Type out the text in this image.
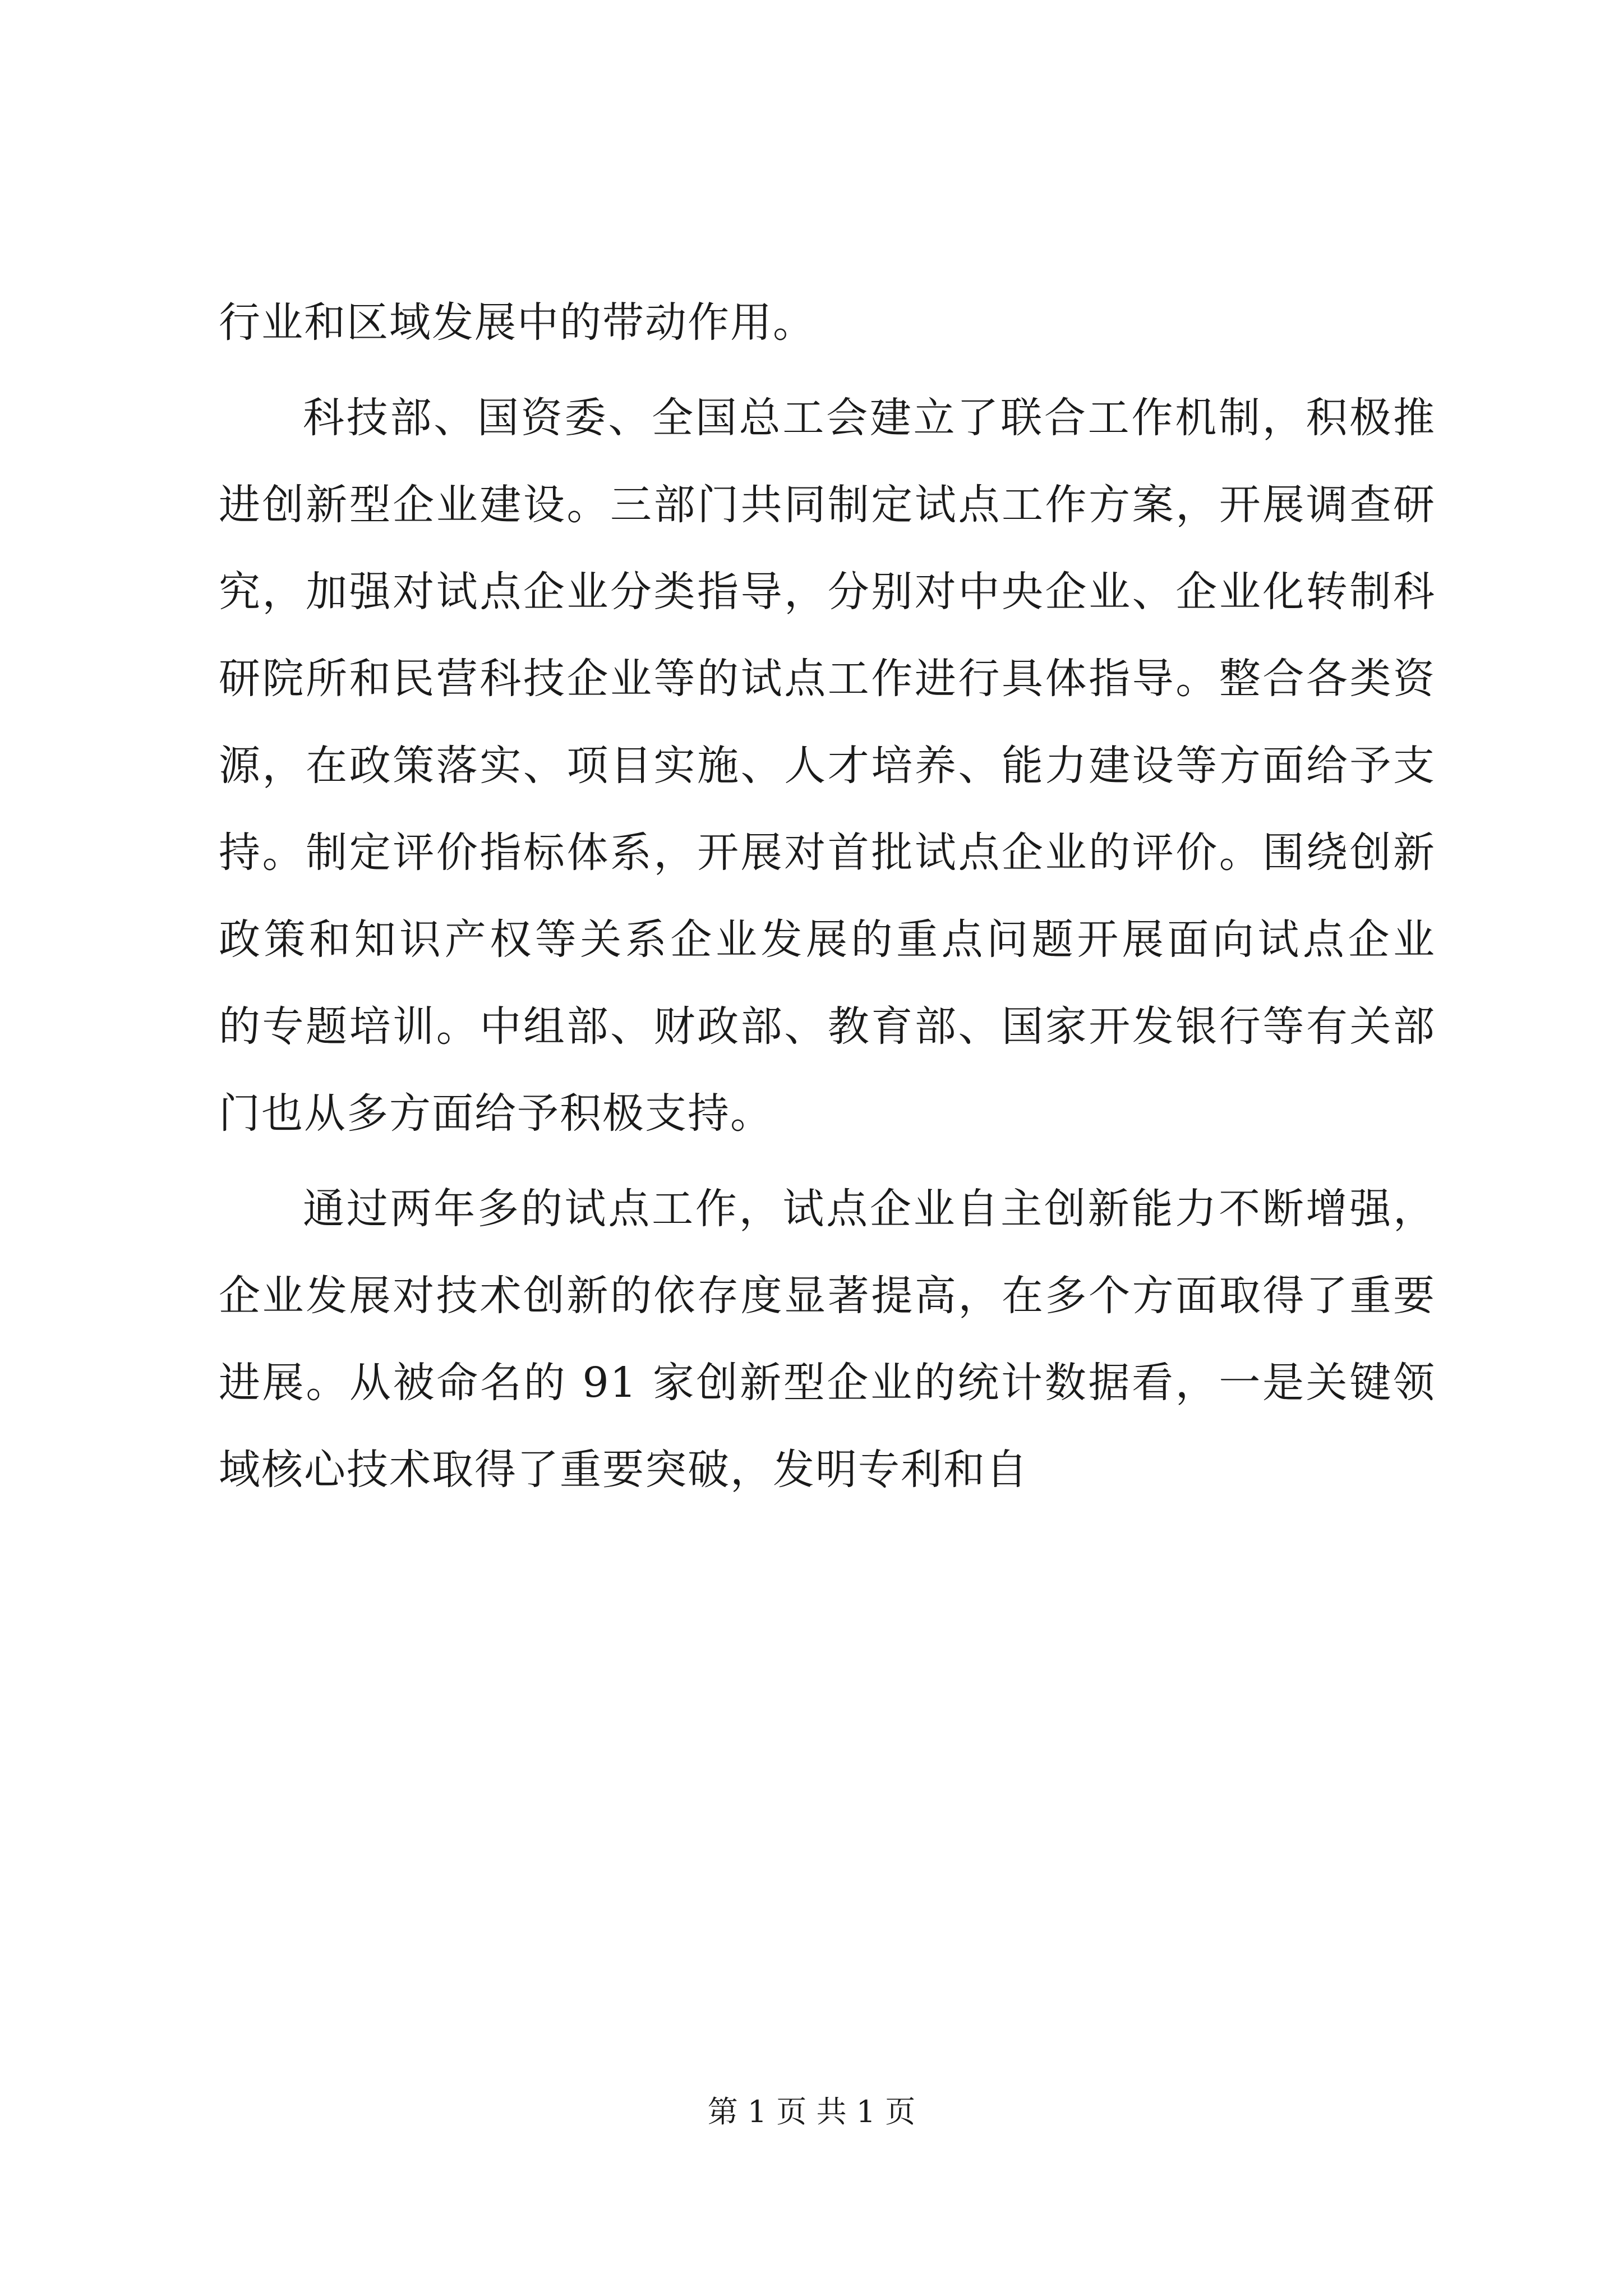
行业和区域发展中的带动作用。
科技部、国资委、全国总工会建立了联合工作机制，积极推
进创新型企业建设。三部门共同制定试点工作方案，开展调查研
究，加强对试点企业分类指导，分别对中央企业、企业化转制科
研院所和民营科技企业等的试点工作进行具体指导。整合各类资
源，在政策落实、项目实施、人才培养、能力建设等方面给予支
持。制定评价指标体系，开展对首批试点企业的评价。围绕创新
政策和知识产权等关系企业发展的重点问题开展面向试点企业
的专题培训。中组部、财政部、教育部、国家开发银行等有关部
门也从多方面给予积极支持。
通过两年多的试点工作，试点企业自主创新能力不断增强，
企业发展对技术创新的依存度显著提高，在多个方面取得了重要
进展。从被命名的 91 家创新型企业的统计数据看，一是关键领
域核心技术取得了重要突破，发明专利和自
第 1 页 共 1 页
